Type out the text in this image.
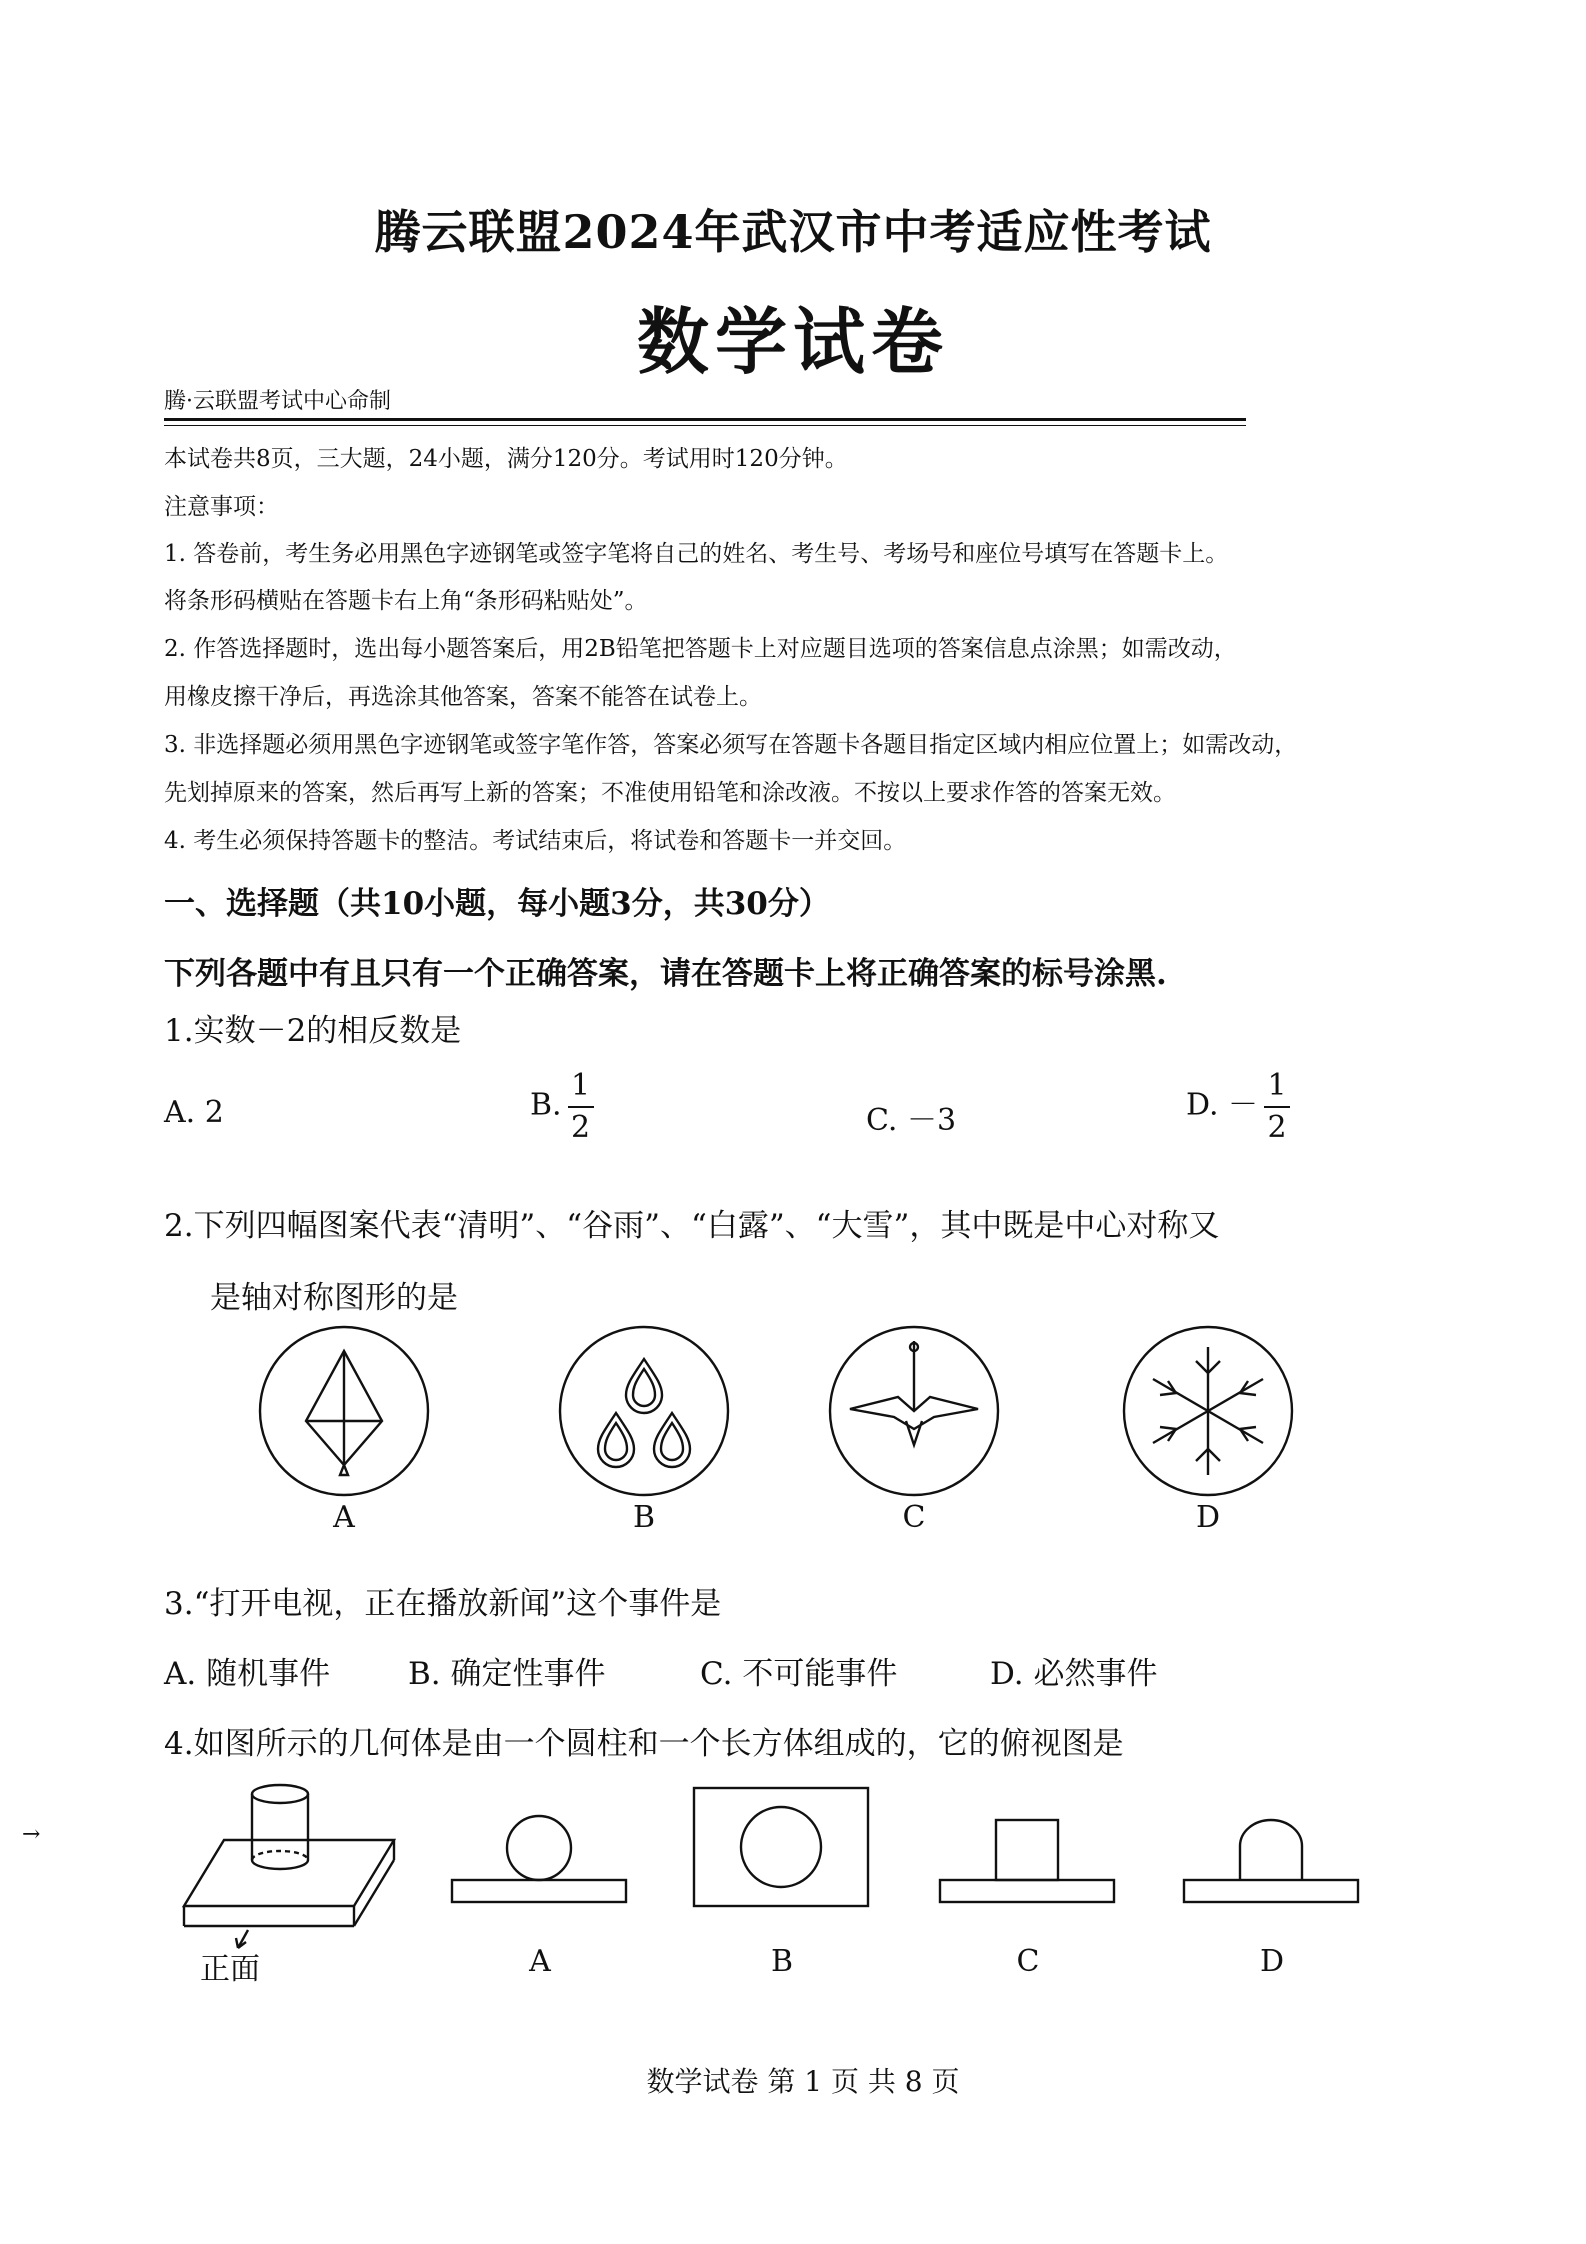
腾云联盟2024年武汉市中考适应性考试
数学试卷
腾·云联盟考试中心命制
本试卷共8页，三大题，24小题，满分120分。考试用时120分钟。
注意事项：
1. 答卷前，考生务必用黑色字迹钢笔或签字笔将自己的姓名、考生号、考场号和座位号填写在答题卡上。
将条形码横贴在答题卡右上角“条形码粘贴处”。
2. 作答选择题时，选出每小题答案后，用2B铅笔把答题卡上对应题目选项的答案信息点涂黑；如需改动，
用橡皮擦干净后，再选涂其他答案，答案不能答在试卷上。
3. 非选择题必须用黑色字迹钢笔或签字笔作答，答案必须写在答题卡各题目指定区域内相应位置上；如需改动，
先划掉原来的答案，然后再写上新的答案；不准使用铅笔和涂改液。不按以上要求作答的答案无效。
4. 考生必须保持答题卡的整洁。考试结束后，将试卷和答题卡一并交回。
一、选择题（共10小题，每小题3分，共30分）
下列各题中有且只有一个正确答案，请在答题卡上将正确答案的标号涂黑.
1.实数－2的相反数是
A. 2	B. $\frac{1}{2}$	C. －3	D. － $\frac{1}{2}$
2.下列四幅图案代表“清明”、“谷雨”、“白露”、“大雪”，其中既是中心对称又
是轴对称图形的是
A	B	C	D
3.“打开电视，正在播放新闻”这个事件是
A. 随机事件	B. 确定性事件	C. 不可能事件	D. 必然事件
4.如图所示的几何体是由一个圆柱和一个长方体组成的，它的俯视图是
→
正面	A	B	C	D
数学试卷 第 1 页 共 8 页
